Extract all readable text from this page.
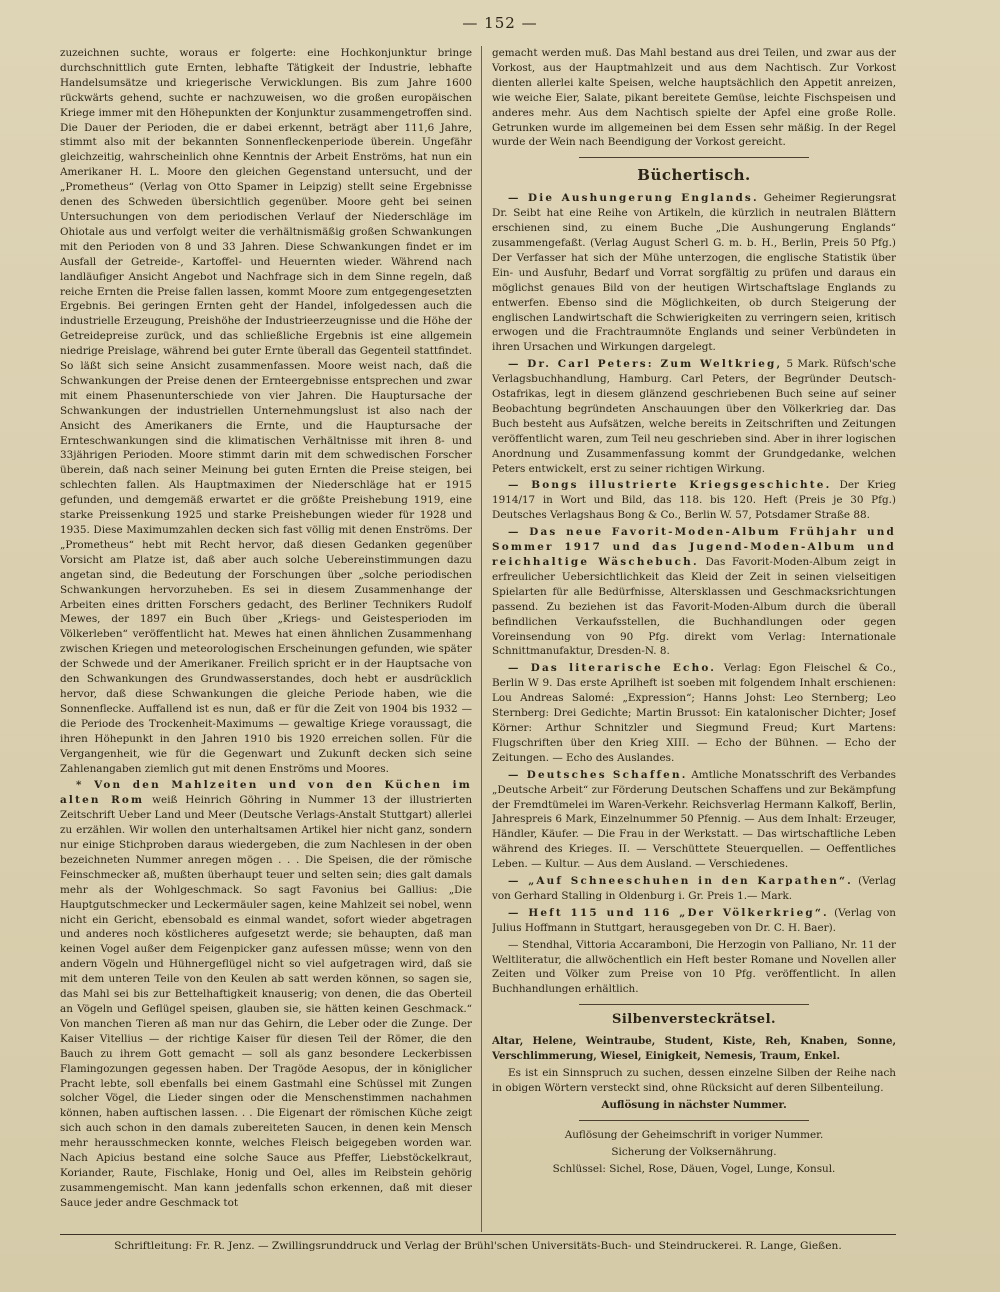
— 152 —

zuzeichnen suchte, woraus er folgerte: eine Hochkonjunktur bringe durchschnittlich gute Ernten, lebhafte Tätigkeit der Industrie, lebhafte Handelsumsätze und kriegerische Verwicklungen. Bis zum Jahre 1600 rückwärts gehend, suchte er nachzuweisen, wo die großen europäischen Kriege immer mit den Höhepunkten der Konjunktur zusammengetroffen sind. Die Dauer der Perioden, die er dabei erkennt, beträgt aber 111,6 Jahre, stimmt also mit der bekannten Sonnenfleckenperiode überein. Ungefähr gleichzeitig, wahrscheinlich ohne Kenntnis der Arbeit Enströms, hat nun ein Amerikaner H. L. Moore den gleichen Gegenstand untersucht, und der „Prometheus“ (Verlag von Otto Spamer in Leipzig) stellt seine Ergebnisse denen des Schweden übersichtlich gegenüber. Moore geht bei seinen Untersuchungen von dem periodischen Verlauf der Niederschläge im Ohiotale aus und verfolgt weiter die verhältnismäßig großen Schwankungen mit den Perioden von 8 und 33 Jahren. Diese Schwankungen findet er im Ausfall der Getreide-, Kartoffel- und Heuernten wieder. Während nach landläufiger Ansicht Angebot und Nachfrage sich in dem Sinne regeln, daß reiche Ernten die Preise fallen lassen, kommt Moore zum entgegengesetzten Ergebnis. Bei geringen Ernten geht der Handel, infolgedessen auch die industrielle Erzeugung, Preishöhe der Industrieerzeugnisse und die Höhe der Getreidepreise zurück, und das schließliche Ergebnis ist eine allgemein niedrige Preislage, während bei guter Ernte überall das Gegenteil stattfindet. So läßt sich seine Ansicht zusammenfassen. Moore weist nach, daß die Schwankungen der Preise denen der Ernteergebnisse entsprechen und zwar mit einem Phasenunterschiede von vier Jahren. Die Hauptursache der Schwankungen der industriellen Unternehmungslust ist also nach der Ansicht des Amerikaners die Ernte, und die Hauptursache der Ernteschwankungen sind die klimatischen Verhältnisse mit ihren 8- und 33jährigen Perioden. Moore stimmt darin mit dem schwedischen Forscher überein, daß nach seiner Meinung bei guten Ernten die Preise steigen, bei schlechten fallen. Als Hauptmaximen der Niederschläge hat er 1915 gefunden, und demgemäß erwartet er die größte Preishebung 1919, eine starke Preissenkung 1925 und starke Preishebungen wieder für 1928 und 1935. Diese Maximumzahlen decken sich fast völlig mit denen Enströms. Der „Prometheus“ hebt mit Recht hervor, daß diesen Gedanken gegenüber Vorsicht am Platze ist, daß aber auch solche Uebereinstimmungen dazu angetan sind, die Bedeutung der Forschungen über „solche periodischen Schwankungen hervorzuheben. Es sei in diesem Zusammenhange der Arbeiten eines dritten Forschers gedacht, des Berliner Technikers Rudolf Mewes, der 1897 ein Buch über „Kriegs- und Geistesperioden im Völkerleben“ veröffentlicht hat. Mewes hat einen ähnlichen Zusammenhang zwischen Kriegen und meteorologischen Erscheinungen gefunden, wie später der Schwede und der Amerikaner. Freilich spricht er in der Hauptsache von den Schwankungen des Grundwasserstandes, doch hebt er ausdrücklich hervor, daß diese Schwankungen die gleiche Periode haben, wie die Sonnenflecke. Auffallend ist es nun, daß er für die Zeit von 1904 bis 1932 — die Periode des Trockenheit-Maximums — gewaltige Kriege voraussagt, die ihren Höhepunkt in den Jahren 1910 bis 1920 erreichen sollen. Für die Vergangenheit, wie für die Gegenwart und Zukunft decken sich seine Zahlenangaben ziemlich gut mit denen Enströms und Moores.

* Von den Mahlzeiten und von den Küchen im alten Rom weiß Heinrich Göhring in Nummer 13 der illustrierten Zeitschrift Ueber Land und Meer (Deutsche Verlags-Anstalt Stuttgart) allerlei zu erzählen. Wir wollen den unterhaltsamen Artikel hier nicht ganz, sondern nur einige Stichproben daraus wiedergeben, die zum Nachlesen in der oben bezeichneten Nummer anregen mögen . . . Die Speisen, die der römische Feinschmecker aß, mußten überhaupt teuer und selten sein; dies galt damals mehr als der Wohlgeschmack. So sagt Favonius bei Gallius: „Die Hauptgutschmecker und Leckermäuler sagen, keine Mahlzeit sei nobel, wenn nicht ein Gericht, ebensobald es einmal wandet, sofort wieder abgetragen und anderes noch köstlicheres aufgesetzt werde; sie behaupten, daß man keinen Vogel außer dem Feigenpicker ganz aufessen müsse; wenn von den andern Vögeln und Hühnergeflügel nicht so viel aufgetragen wird, daß sie mit dem unteren Teile von den Keulen ab satt werden können, so sagen sie, das Mahl sei bis zur Bettelhaftigkeit knauserig; von denen, die das Oberteil an Vögeln und Geflügel speisen, glauben sie, sie hätten keinen Geschmack.“ Von manchen Tieren aß man nur das Gehirn, die Leber oder die Zunge. Der Kaiser Vitellius — der richtige Kaiser für diesen Teil der Römer, die den Bauch zu ihrem Gott gemacht — soll als ganz besondere Leckerbissen Flamingozungen gegessen haben. Der Tragöde Aesopus, der in königlicher Pracht lebte, soll ebenfalls bei einem Gastmahl eine Schüssel mit Zungen solcher Vögel, die Lieder singen oder die Menschenstimmen nachahmen können, haben auftischen lassen. . . Die Eigenart der römischen Küche zeigt sich auch schon in den damals zubereiteten Saucen, in denen kein Mensch mehr herausschmecken konnte, welches Fleisch beigegeben worden war. Nach Apicius bestand eine solche Sauce aus Pfeffer, Liebstöckelkraut, Koriander, Raute, Fischlake, Honig und Oel, alles im Reibstein gehörig zusammengemischt. Man kann jedenfalls schon erkennen, daß mit dieser Sauce jeder andre Geschmack tot

gemacht werden muß. Das Mahl bestand aus drei Teilen, und zwar aus der Vorkost, aus der Hauptmahlzeit und aus dem Nachtisch. Zur Vorkost dienten allerlei kalte Speisen, welche hauptsächlich den Appetit anreizen, wie weiche Eier, Salate, pikant bereitete Gemüse, leichte Fischspeisen und anderes mehr. Aus dem Nachtisch spielte der Apfel eine große Rolle. Getrunken wurde im allgemeinen bei dem Essen sehr mäßig. In der Regel wurde der Wein nach Beendigung der Vorkost gereicht.

Büchertisch.

— Die Aushungerung Englands. Geheimer Regierungsrat Dr. Seibt hat eine Reihe von Artikeln, die kürzlich in neutralen Blättern erschienen sind, zu einem Buche „Die Aushungerung Englands“ zusammengefaßt. (Verlag August Scherl G. m. b. H., Berlin, Preis 50 Pfg.) Der Verfasser hat sich der Mühe unterzogen, die englische Statistik über Ein- und Ausfuhr, Bedarf und Vorrat sorgfältig zu prüfen und daraus ein möglichst genaues Bild von der heutigen Wirtschaftslage Englands zu entwerfen. Ebenso sind die Möglichkeiten, ob durch Steigerung der englischen Landwirtschaft die Schwierigkeiten zu verringern seien, kritisch erwogen und die Frachtraumnöte Englands und seiner Verbündeten in ihren Ursachen und Wirkungen dargelegt.

— Dr. Carl Peters: Zum Weltkrieg, 5 Mark. Rüfsch'sche Verlagsbuchhandlung, Hamburg. Carl Peters, der Begründer Deutsch-Ostafrikas, legt in diesem glänzend geschriebenen Buch seine auf seiner Beobachtung begründeten Anschauungen über den Völkerkrieg dar. Das Buch besteht aus Aufsätzen, welche bereits in Zeitschriften und Zeitungen veröffentlicht waren, zum Teil neu geschrieben sind. Aber in ihrer logischen Anordnung und Zusammenfassung kommt der Grundgedanke, welchen Peters entwickelt, erst zu seiner richtigen Wirkung.

— Bongs illustrierte Kriegsgeschichte. Der Krieg 1914/17 in Wort und Bild, das 118. bis 120. Heft (Preis je 30 Pfg.) Deutsches Verlagshaus Bong & Co., Berlin W. 57, Potsdamer Straße 88.

— Das neue Favorit-Moden-Album Frühjahr und Sommer 1917 und das Jugend-Moden-Album und reichhaltige Wäschebuch. Das Favorit-Moden-Album zeigt in erfreulicher Uebersichtlichkeit das Kleid der Zeit in seinen vielseitigen Spielarten für alle Bedürfnisse, Altersklassen und Geschmacksrichtungen passend. Zu beziehen ist das Favorit-Moden-Album durch die überall befindlichen Verkaufsstellen, die Buchhandlungen oder gegen Voreinsendung von 90 Pfg. direkt vom Verlag: Internationale Schnittmanufaktur, Dresden-N. 8.

— Das literarische Echo. Verlag: Egon Fleischel & Co., Berlin W 9. Das erste Aprilheft ist soeben mit folgendem Inhalt erschienen: Lou Andreas Salomé: „Expression“; Hanns Johst: Leo Sternberg; Leo Sternberg: Drei Gedichte; Martin Brussot: Ein katalonischer Dichter; Josef Körner: Arthur Schnitzler und Siegmund Freud; Kurt Martens: Flugschriften über den Krieg XIII. — Echo der Bühnen. — Echo der Zeitungen. — Echo des Auslandes.

— Deutsches Schaffen. Amtliche Monatsschrift des Verbandes „Deutsche Arbeit“ zur Förderung Deutschen Schaffens und zur Bekämpfung der Fremdtümelei im Waren-Verkehr. Reichsverlag Hermann Kalkoff, Berlin, Jahrespreis 6 Mark, Einzelnummer 50 Pfennig. — Aus dem Inhalt: Erzeuger, Händler, Käufer. — Die Frau in der Werkstatt. — Das wirtschaftliche Leben während des Krieges. II. — Verschüttete Steuerquellen. — Oeffentliches Leben. — Kultur. — Aus dem Ausland. — Verschiedenes.

— „Auf Schneeschuhen in den Karpathen“. (Verlag von Gerhard Stalling in Oldenburg i. Gr. Preis 1.— Mark.

— Heft 115 und 116 „Der Völkerkrieg“. (Verlag von Julius Hoffmann in Stuttgart, herausgegeben von Dr. C. H. Baer).

— Stendhal, Vittoria Accaramboni, Die Herzogin von Palliano, Nr. 11 der Weltliteratur, die allwöchentlich ein Heft bester Romane und Novellen aller Zeiten und Völker zum Preise von 10 Pfg. veröffentlicht. In allen Buchhandlungen erhältlich.

Silbenversteckrätsel.

Altar, Helene, Weintraube, Student, Kiste, Reh, Knaben, Sonne, Verschlimmerung, Wiesel, Einigkeit, Nemesis, Traum, Enkel.

Es ist ein Sinnspruch zu suchen, dessen einzelne Silben der Reihe nach in obigen Wörtern versteckt sind, ohne Rücksicht auf deren Silbenteilung.

Auflösung in nächster Nummer.

Auflösung der Geheimschrift in voriger Nummer.

Sicherung der Volksernährung.

Schlüssel: Sichel, Rose, Däuen, Vogel, Lunge, Konsul.

Schriftleitung: Fr. R. Jenz. — Zwillingsrunddruck und Verlag der Brühl'schen Universitäts-Buch- und Steindruckerei. R. Lange, Gießen.
